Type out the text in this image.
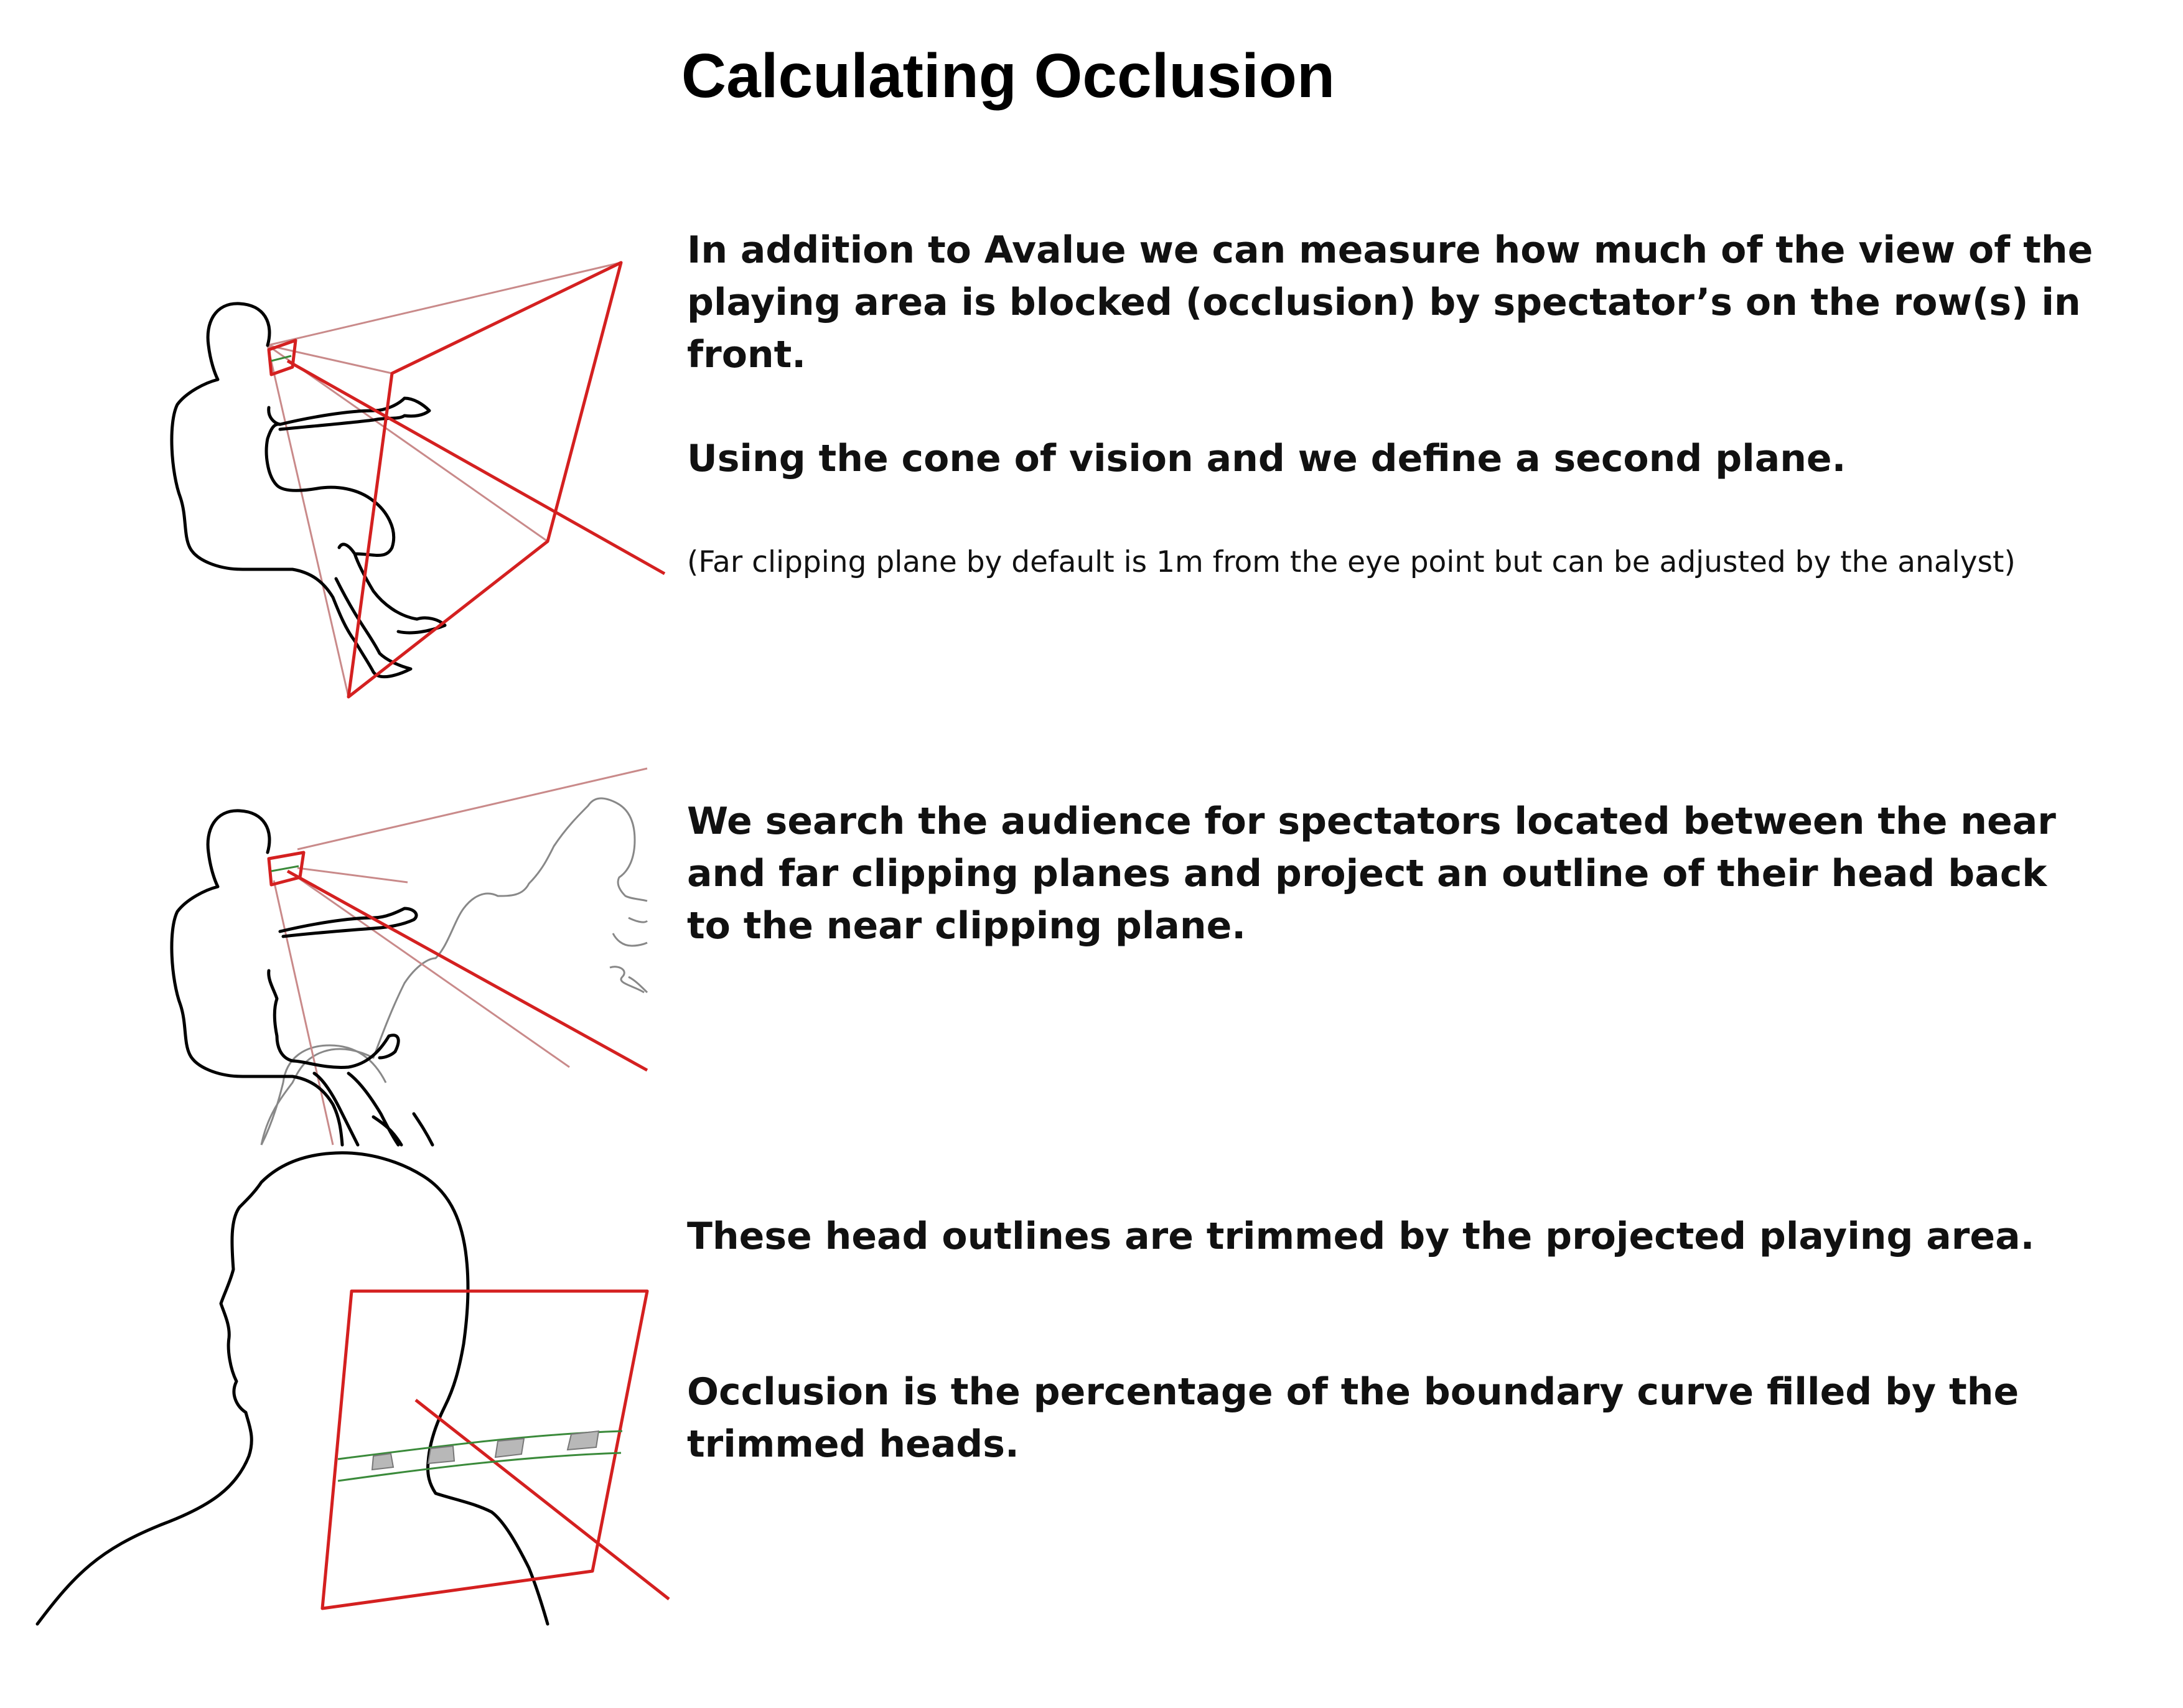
Calculating Occlusion
In addition to Avalue we can measure how much of the view of the playing area is blocked (occlusion) by spectator’s on the row(s) in front.
Using the cone of vision and we define a second plane.
(Far clipping plane by default is 1m from the eye point but can be adjusted by the analyst)
We search the audience for spectators located between the near and far clipping planes and project an outline of their head back to the near clipping plane.
These head outlines are trimmed by the projected playing area.
Occlusion is the percentage of the boundary curve filled by the trimmed heads.
